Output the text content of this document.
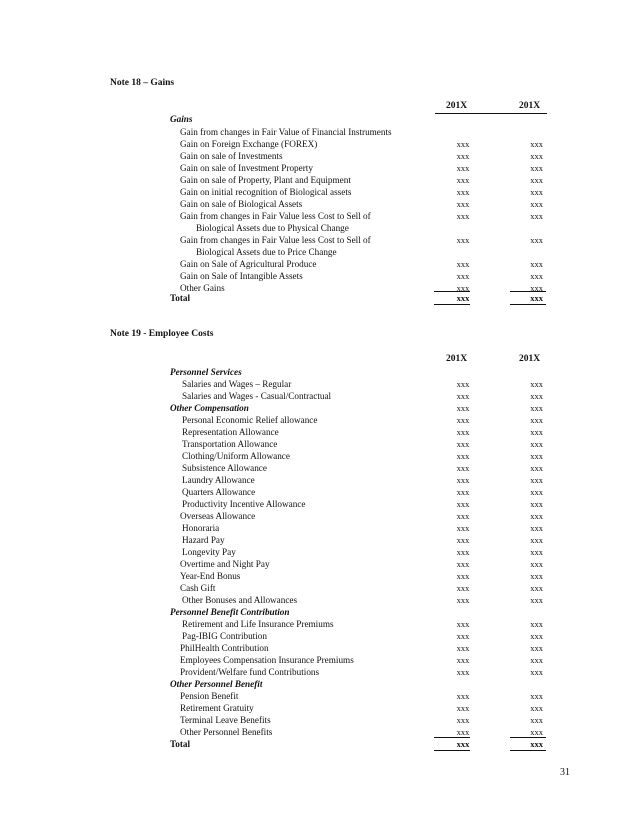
Note 18 – Gains
201X	201X
Gains
Gain from changes in Fair Value of Financial Instruments
Gain on Foreign Exchange (FOREX)	xxx	xxx
Gain on sale of Investments	xxx	xxx
Gain on sale of Investment Property	xxx	xxx
Gain on sale of Property, Plant and Equipment	xxx	xxx
Gain on initial recognition of Biological assets	xxx	xxx
Gain on sale of Biological Assets	xxx	xxx
Gain from changes in Fair Value less Cost to Sell of	xxx	xxx
Biological Assets due to Physical Change
Gain from changes in Fair Value less Cost to Sell of	xxx	xxx
Biological Assets due to Price Change
Gain on Sale of Agricultural Produce	xxx	xxx
Gain on Sale of Intangible Assets	xxx	xxx
Other Gains	xxx	xxx
Total	xxx	xxx
Note 19 - Employee Costs
201X	201X
Personnel Services
Salaries and Wages – Regular	xxx	xxx
Salaries and Wages - Casual/Contractual	xxx	xxx
Other Compensation	xxx	xxx
Personal Economic Relief allowance	xxx	xxx
Representation Allowance	xxx	xxx
Transportation Allowance	xxx	xxx
Clothing/Uniform Allowance	xxx	xxx
Subsistence Allowance	xxx	xxx
Laundry Allowance	xxx	xxx
Quarters Allowance	xxx	xxx
Productivity Incentive Allowance	xxx	xxx
Overseas Allowance	xxx	xxx
Honoraria	xxx	xxx
Hazard Pay	xxx	xxx
Longevity Pay	xxx	xxx
Overtime and Night Pay	xxx	xxx
Year-End Bonus	xxx	xxx
Cash Gift	xxx	xxx
Other Bonuses and Allowances	xxx	xxx
Personnel Benefit Contribution
Retirement and Life Insurance Premiums	xxx	xxx
Pag-IBIG Contribution	xxx	xxx
PhilHealth Contribution	xxx	xxx
Employees Compensation Insurance Premiums	xxx	xxx
Provident/Welfare fund Contributions	xxx	xxx
Other Personnel Benefit
Pension Benefit	xxx	xxx
Retirement Gratuity	xxx	xxx
Terminal Leave Benefits	xxx	xxx
Other Personnel Benefits	xxx	xxx
Total	xxx	xxx
31
